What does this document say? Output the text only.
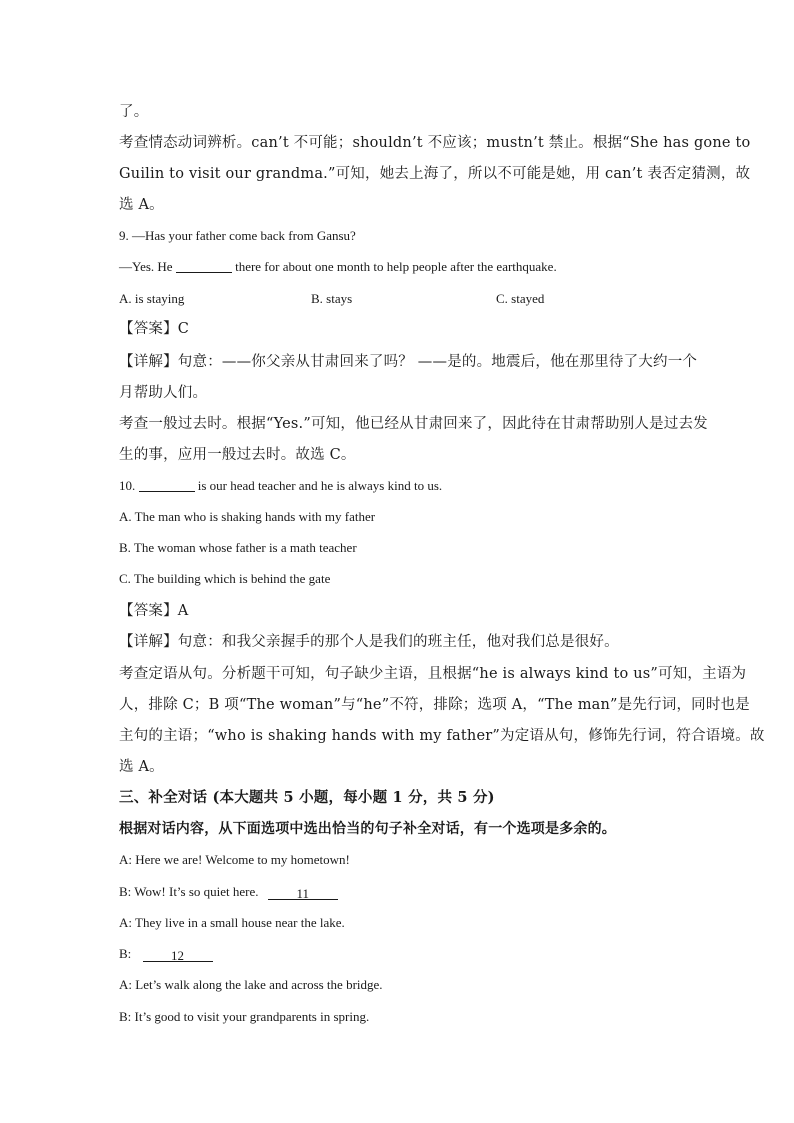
了。
考查情态动词辨析。can’t 不可能；shouldn’t 不应该；mustn’t 禁止。根据“She has gone to
Guilin to visit our grandma.”可知，她去上海了，所以不可能是她，用 can’t 表否定猜测，故
选 A。
9. —Has your father come back from Gansu?
—Yes. He	there for about one month to help people after the earthquake.
A. is staying	B. stays	C. stayed
【答案】C
【详解】句意：——你父亲从甘肃回来了吗？ ——是的。地震后，他在那里待了大约一个
月帮助人们。
考查一般过去时。根据“Yes.”可知，他已经从甘肃回来了，因此待在甘肃帮助别人是过去发
生的事，应用一般过去时。故选 C。
10.	is our head teacher and he is always kind to us.
A. The man who is shaking hands with my father
B. The woman whose father is a math teacher
C. The building which is behind the gate
【答案】A
【详解】句意：和我父亲握手的那个人是我们的班主任，他对我们总是很好。
考查定语从句。分析题干可知，句子缺少主语，且根据“he is always kind to us”可知，主语为
人，排除 C；B 项“The woman”与“he”不符，排除；选项 A，“The man”是先行词，同时也是
主句的主语；“who is shaking hands with my father”为定语从句，修饰先行词，符合语境。故
选 A。
三、补全对话 (本大题共 5 小题，每小题 1 分，共 5 分)
根据对话内容，从下面选项中选出恰当的句子补全对话，有一个选项是多余的。
A: Here we are! Welcome to my hometown!
B: Wow! It’s so quiet here.	11
A: They live in a small house near the lake.
B:	12
A: Let’s walk along the lake and across the bridge.
B: It’s good to visit your grandparents in spring.
